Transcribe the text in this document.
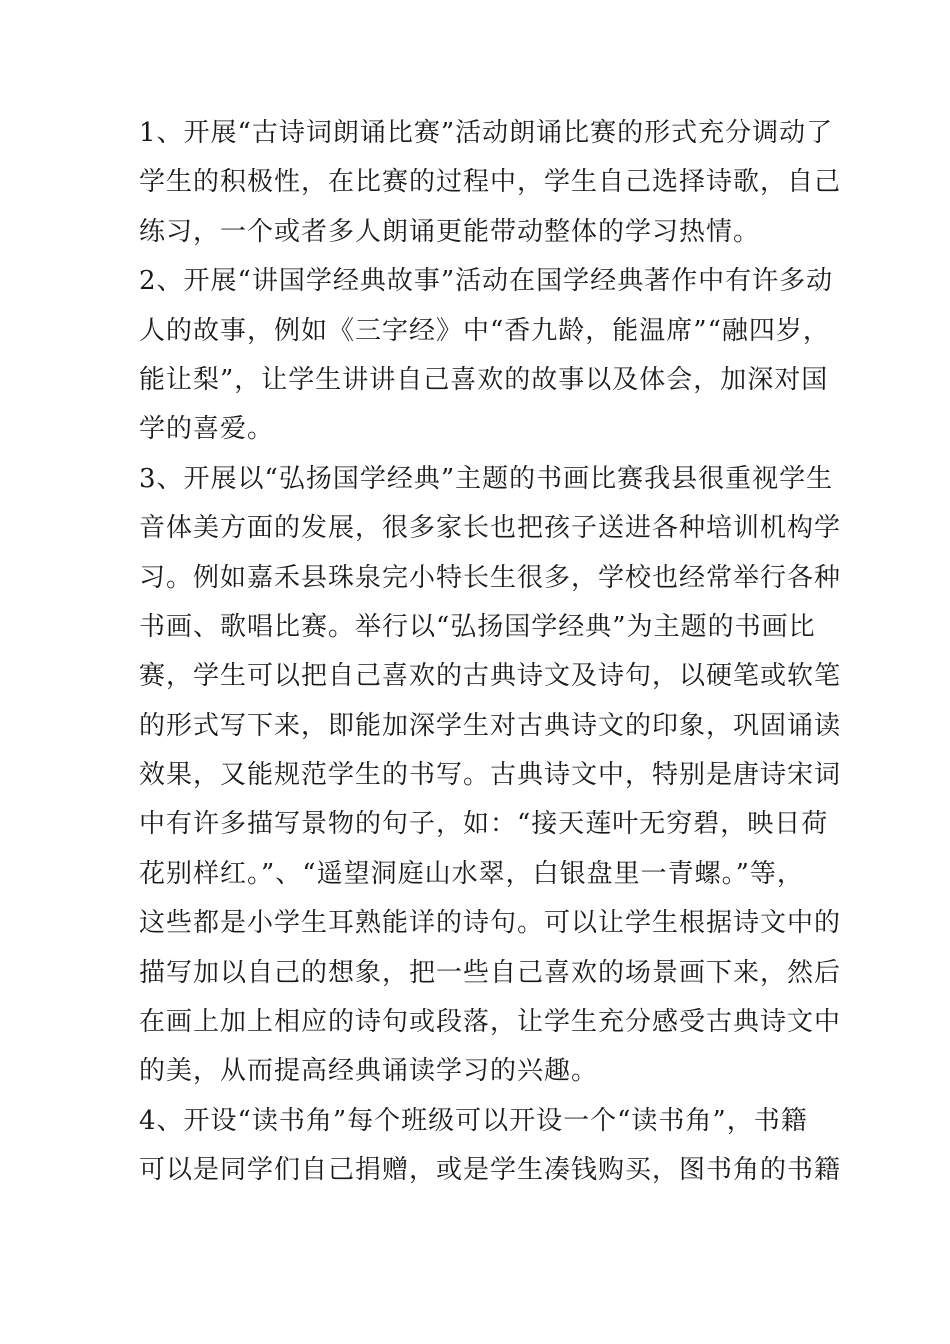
1、开展“古诗词朗诵比赛”活动朗诵比赛的形式充分调动了
学生的积极性，在比赛的过程中，学生自己选择诗歌，自己
练习，一个或者多人朗诵更能带动整体的学习热情。

2、开展“讲国学经典故事”活动在国学经典著作中有许多动
人的故事，例如《三字经》中“香九龄，能温席”“融四岁，
能让梨”，让学生讲讲自己喜欢的故事以及体会，加深对国
学的喜爱。

3、开展以“弘扬国学经典”主题的书画比赛我县很重视学生
音体美方面的发展，很多家长也把孩子送进各种培训机构学
习。例如嘉禾县珠泉完小特长生很多，学校也经常举行各种
书画、歌唱比赛。举行以“弘扬国学经典”为主题的书画比
赛，学生可以把自己喜欢的古典诗文及诗句，以硬笔或软笔
的形式写下来，即能加深学生对古典诗文的印象，巩固诵读
效果，又能规范学生的书写。古典诗文中，特别是唐诗宋词
中有许多描写景物的句子，如：“接天莲叶无穷碧，映日荷
花别样红。”、“遥望洞庭山水翠，白银盘里一青螺。”等，
这些都是小学生耳熟能详的诗句。可以让学生根据诗文中的
描写加以自己的想象，把一些自己喜欢的场景画下来，然后
在画上加上相应的诗句或段落，让学生充分感受古典诗文中
的美，从而提高经典诵读学习的兴趣。

4、开设“读书角”每个班级可以开设一个“读书角”，书籍
可以是同学们自己捐赠，或是学生凑钱购买，图书角的书籍
